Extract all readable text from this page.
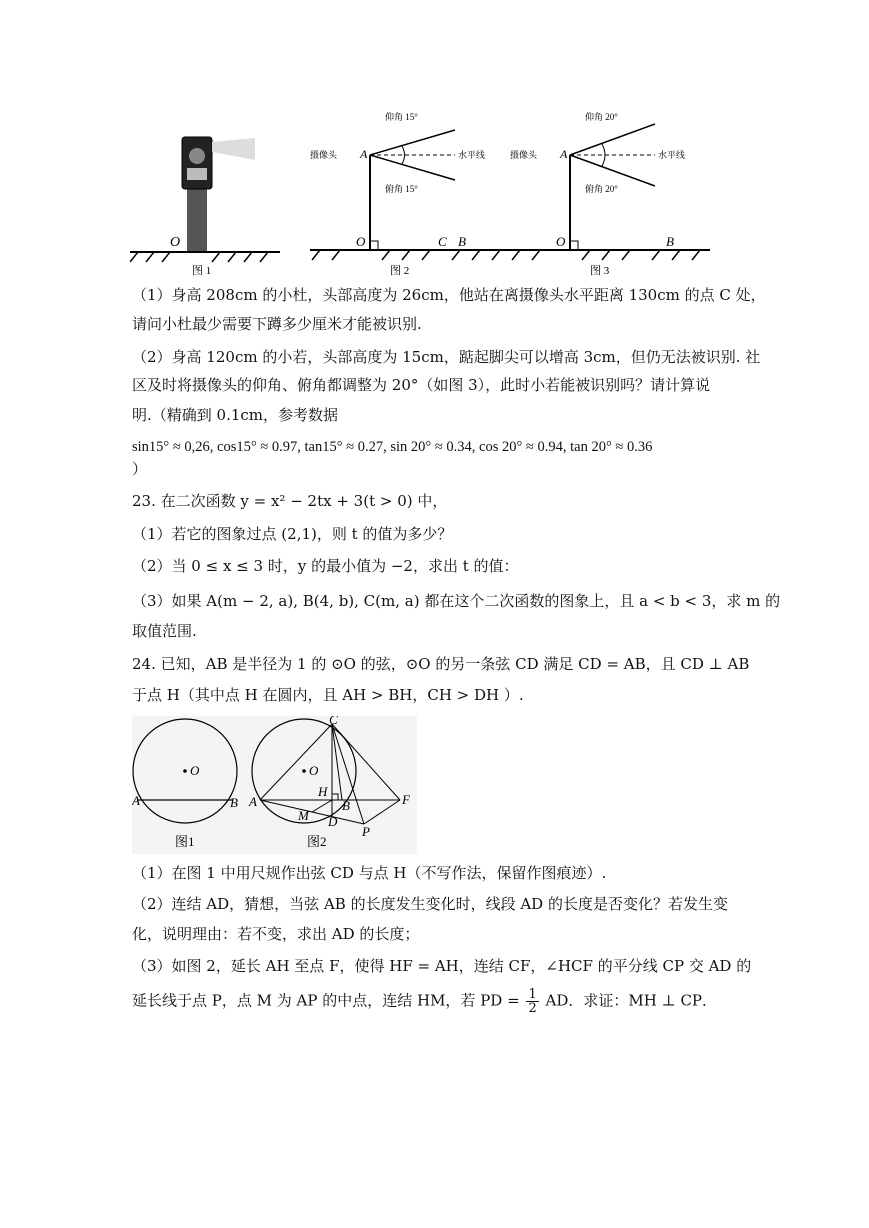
O
图 1
水平线
摄像头 A
仰角 15°
俯角 15°
O	C B
图 2
水平线
摄像头 A
仰角 20°
俯角 20°
O	B
图 3
（1）身高 208cm 的小杜，头部高度为 26cm，他站在离摄像头水平距离 130cm 的点 C 处，
请问小杜最少需要下蹲多少厘米才能被识别.
（2）身高 120cm 的小若，头部高度为 15cm，踮起脚尖可以增高 3cm，但仍无法被识别. 社
区及时将摄像头的仰角、俯角都调整为 20°（如图 3），此时小若能被识别吗？请计算说
明.（精确到 0.1cm，参考数据
sin15° ≈ 0,26, cos15° ≈ 0.97, tan15° ≈ 0.27, sin 20° ≈ 0.34, cos 20° ≈ 0.94, tan 20° ≈ 0.36
）
23. 在二次函数 y = x² − 2tx + 3(t > 0) 中，
（1）若它的图象过点 (2,1)，则 t 的值为多少？
（2）当 0 ≤ x ≤ 3 时，y 的最小值为 −2，求出 t 的值：
（3）如果 A(m − 2, a), B(4, b), C(m, a) 都在这个二次函数的图象上，且 a < b < 3，求 m 的
取值范围.
24. 已知，AB 是半径为 1 的 ⊙O 的弦，⊙O 的另一条弦 CD 满足 CD = AB，且 CD ⊥ AB
于点 H（其中点 H 在圆内，且 AH > BH，CH > DH ）.
O
A	B
图1
O
C
A	B
H
F
D
M
P
图2
（1）在图 1 中用尺规作出弦 CD 与点 H（不写作法，保留作图痕迹）.
（2）连结 AD，猜想，当弦 AB 的长度发生变化时，线段 AD 的长度是否变化？若发生变
化，说明理由：若不变，求出 AD 的长度；
（3）如图 2，延长 AH 至点 F，使得 HF = AH，连结 CF，∠HCF 的平分线 CP 交 AD 的
延长线于点 P，点 M 为 AP 的中点，连结 HM，若 PD = $\frac{1}{2}$ AD．求证：MH ⊥ CP．
